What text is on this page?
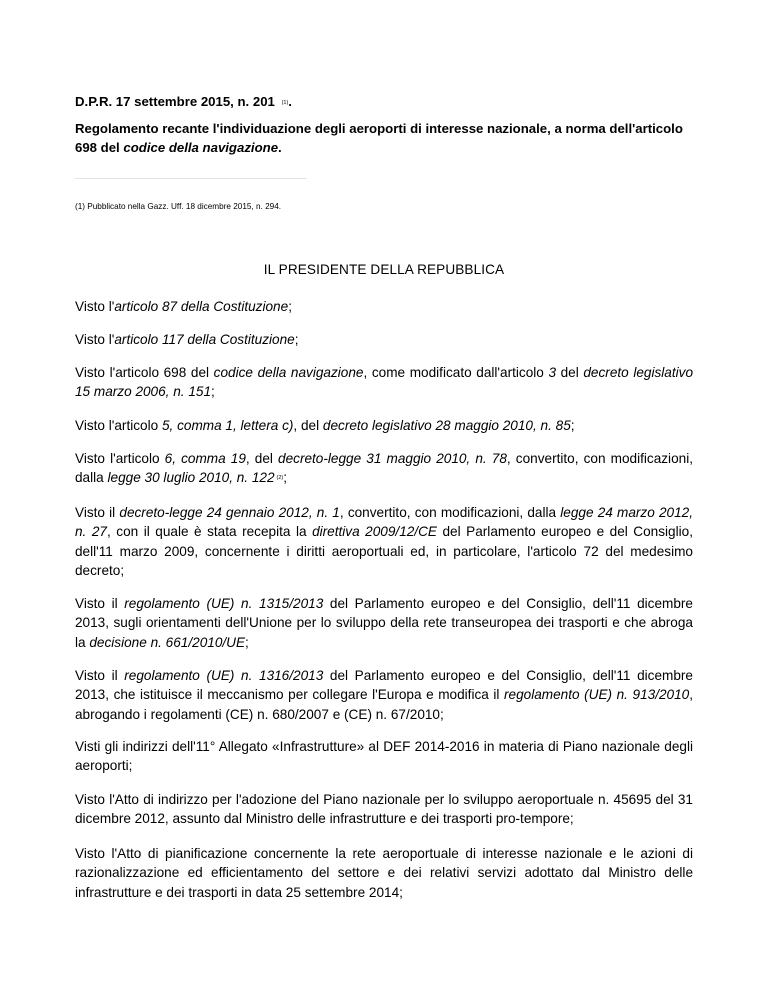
D.P.R. 17 settembre 2015, n. 201 $^{(1)}$.
Regolamento recante l'individuazione degli aeroporti di interesse nazionale, a norma dell'articolo 698 del codice della navigazione.
(1) Pubblicato nella Gazz. Uff. 18 dicembre 2015, n. 294.
IL PRESIDENTE DELLA REPUBBLICA
Visto l'articolo 87 della Costituzione;
Visto l'articolo 117 della Costituzione;
Visto l'articolo 698 del codice della navigazione, come modificato dall'articolo 3 del decreto legislativo 15 marzo 2006, n. 151;
Visto l'articolo 5, comma 1, lettera c), del decreto legislativo 28 maggio 2010, n. 85;
Visto l'articolo 6, comma 19, del decreto-legge 31 maggio 2010, n. 78, convertito, con modificazioni, dalla legge 30 luglio 2010, n. 122 $^{(2)}$;
Visto il decreto-legge 24 gennaio 2012, n. 1, convertito, con modificazioni, dalla legge 24 marzo 2012, n. 27, con il quale è stata recepita la direttiva 2009/12/CE del Parlamento europeo e del Consiglio, dell'11 marzo 2009, concernente i diritti aeroportuali ed, in particolare, l'articolo 72 del medesimo decreto;
Visto il regolamento (UE) n. 1315/2013 del Parlamento europeo e del Consiglio, dell'11 dicembre 2013, sugli orientamenti dell'Unione per lo sviluppo della rete transeuropea dei trasporti e che abroga la decisione n. 661/2010/UE;
Visto il regolamento (UE) n. 1316/2013 del Parlamento europeo e del Consiglio, dell'11 dicembre 2013, che istituisce il meccanismo per collegare l'Europa e modifica il regolamento (UE) n. 913/2010, abrogando i regolamenti (CE) n. 680/2007 e (CE) n. 67/2010;
Visti gli indirizzi dell'11° Allegato «Infrastrutture» al DEF 2014-2016 in materia di Piano nazionale degli aeroporti;
Visto l'Atto di indirizzo per l'adozione del Piano nazionale per lo sviluppo aeroportuale n. 45695 del 31 dicembre 2012, assunto dal Ministro delle infrastrutture e dei trasporti pro-tempore;
Visto l'Atto di pianificazione concernente la rete aeroportuale di interesse nazionale e le azioni di razionalizzazione ed efficientamento del settore e dei relativi servizi adottato dal Ministro delle infrastrutture e dei trasporti in data 25 settembre 2014;
